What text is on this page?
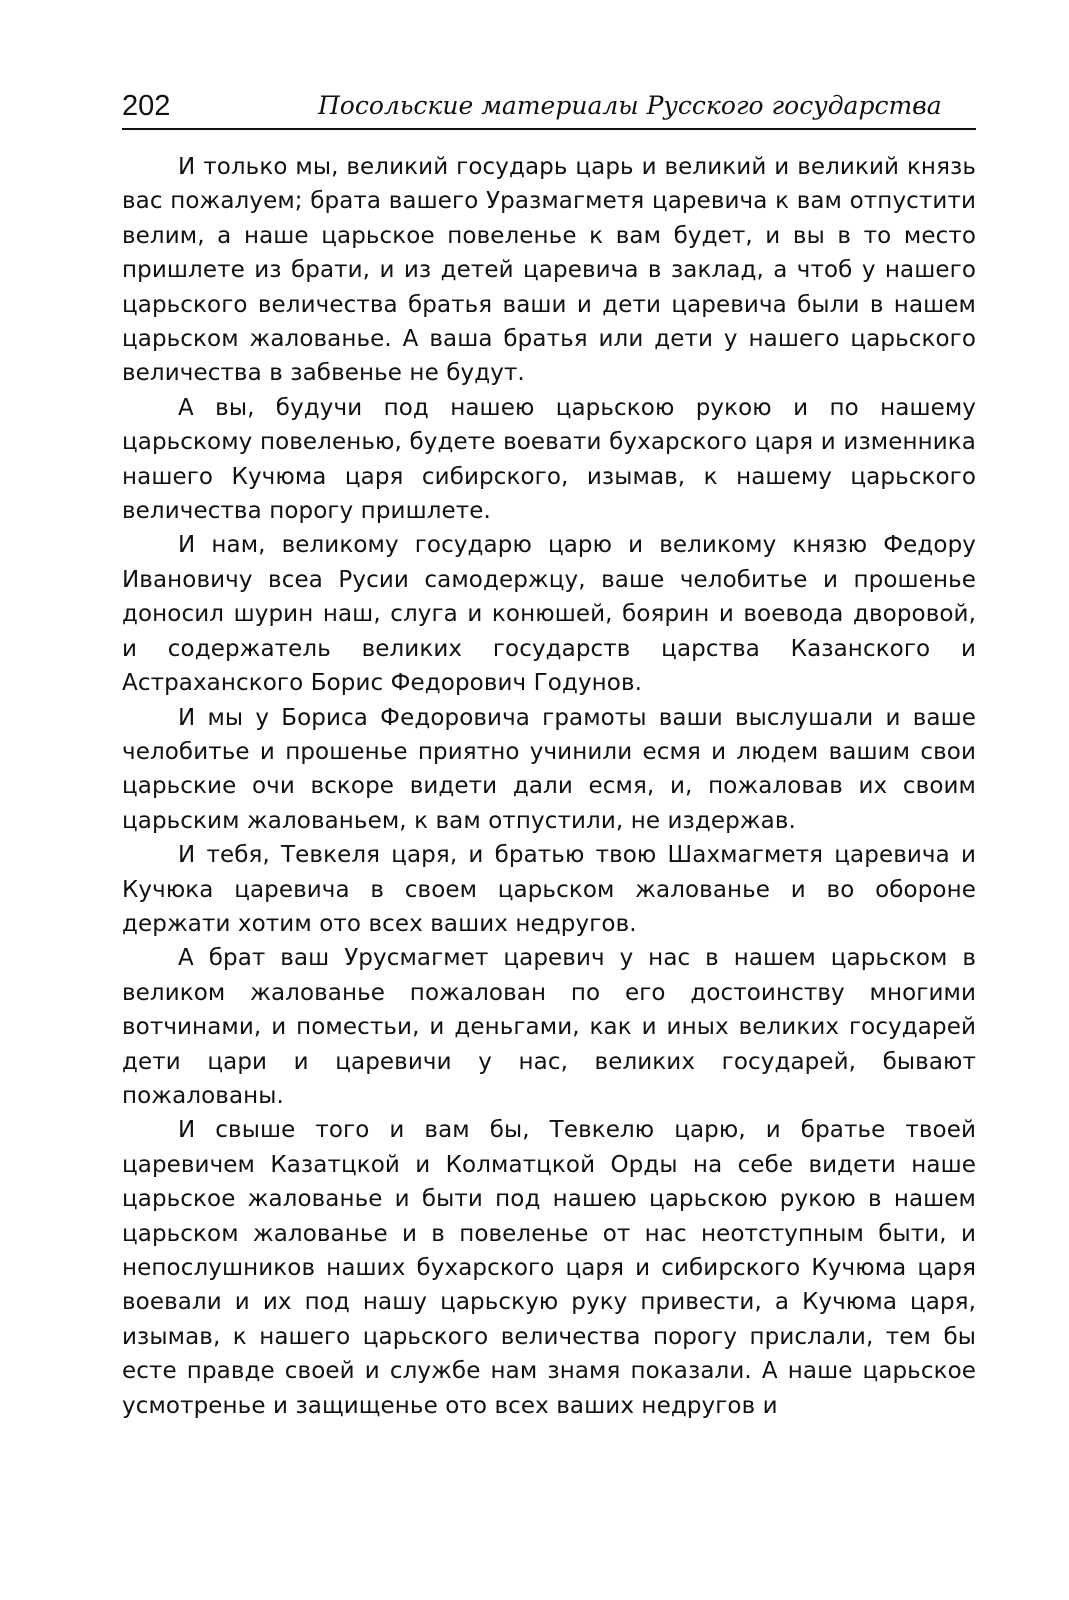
202	Посольские материалы Русского государства

И только мы, великий государь царь и великий и великий князь вас пожалуем; брата вашего Уразмагметя царевича к вам отпустити велим, а наше царьское повеленье к вам будет, и вы в то место пришлете из брати, и из детей царевича в заклад, а чтоб у нашего царьского величества братья ваши и дети царевича были в нашем царьском жалованье. А ваша братья или дети у нашего царьского величества в забвенье не будут.

А вы, будучи под нашею царьскою рукою и по нашему царьскому повеленью, будете воевати бухарского царя и изменника нашего Кучюма царя сибирского, изымав, к нашему царьского величества порогу пришлете.

И нам, великому государю царю и великому князю Федору Ивановичу всеа Русии самодержцу, ваше челобитье и прошенье доносил шурин наш, слуга и конюшей, боярин и воевода дворовой, и содержатель великих государств царства Казанского и Астраханского Борис Федорович Годунов.

И мы у Бориса Федоровича грамоты ваши выслушали и ваше челобитье и прошенье приятно учинили есмя и людем вашим свои царьские очи вскоре видети дали есмя, и, пожаловав их своим царьским жалованьем, к вам отпустили, не издержав.

И тебя, Тевкеля царя, и братью твою Шахмагметя царевича и Кучюка царевича в своем царьском жалованье и во обороне держати хотим ото всех ваших недругов.

А брат ваш Урусмагмет царевич у нас в нашем царьском в великом жалованье пожалован по его достоинству многими вотчинами, и поместьи, и деньгами, как и иных великих государей дети цари и царевичи у нас, великих государей, бывают пожалованы.

И свыше того и вам бы, Тевкелю царю, и братье твоей царевичем Казатцкой и Колматцкой Орды на себе видети наше царьское жалованье и быти под нашею царьскою рукою в нашем царьском жалованье и в повеленье от нас неотступным быти, и непослушников наших бухарского царя и сибирского Кучюма царя воевали и их под нашу царьскую руку привести, а Кучюма царя, изымав, к нашего царьского величества порогу прислали, тем бы есте правде своей и службе нам знамя показали. А наше царьское усмотренье и защищенье ото всех ваших недругов и
